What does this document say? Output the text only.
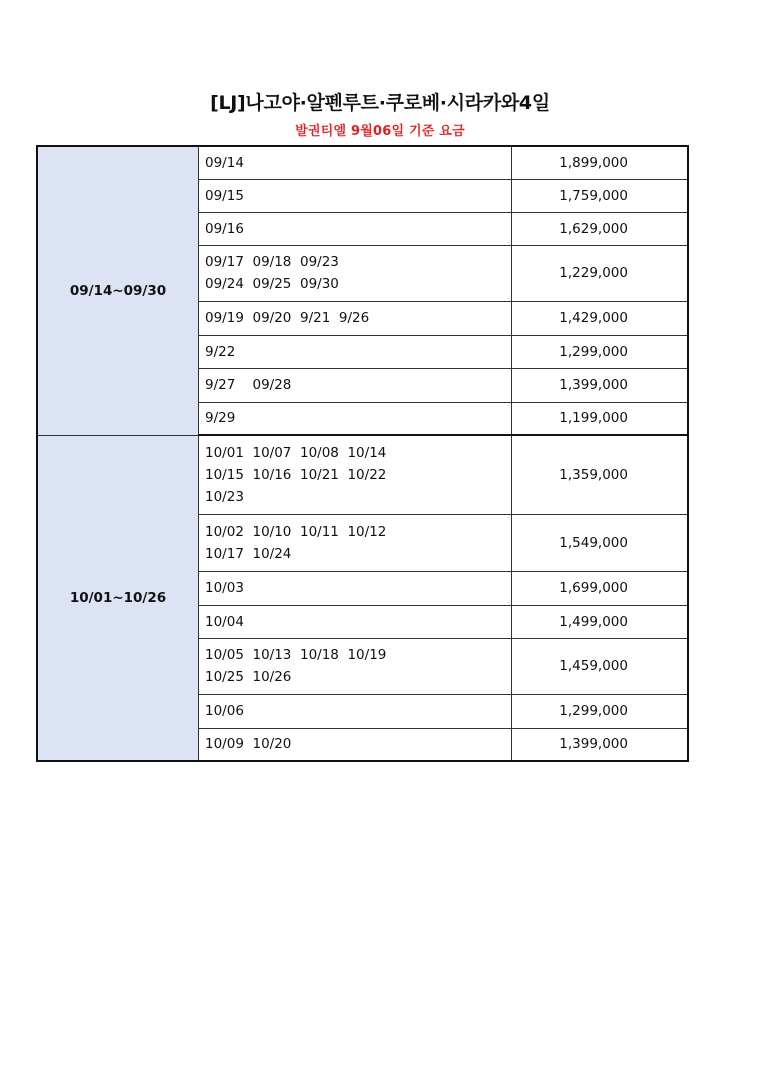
[LJ]나고야·알펜루트·쿠로베·시라카와4일
발권티엘 9월06일 기준 요금
09/14~09/30	09/14	1,899,000

	09/15	1,759,000

	09/16	1,629,000

	09/17  09/18  09/23
09/24  09/25  09/30	1,229,000

	09/19  09/20  9/21  9/26	1,429,000

	9/22	1,299,000

	9/27    09/28	1,399,000

	9/29	1,199,000
10/01~10/26	10/01  10/07  10/08  10/14
10/15  10/16  10/21  10/22
10/23	1,359,000

	10/02  10/10  10/11  10/12
10/17  10/24	1,549,000

	10/03	1,699,000

	10/04	1,499,000

	10/05  10/13  10/18  10/19
10/25  10/26	1,459,000

	10/06	1,299,000

	10/09  10/20	1,399,000
